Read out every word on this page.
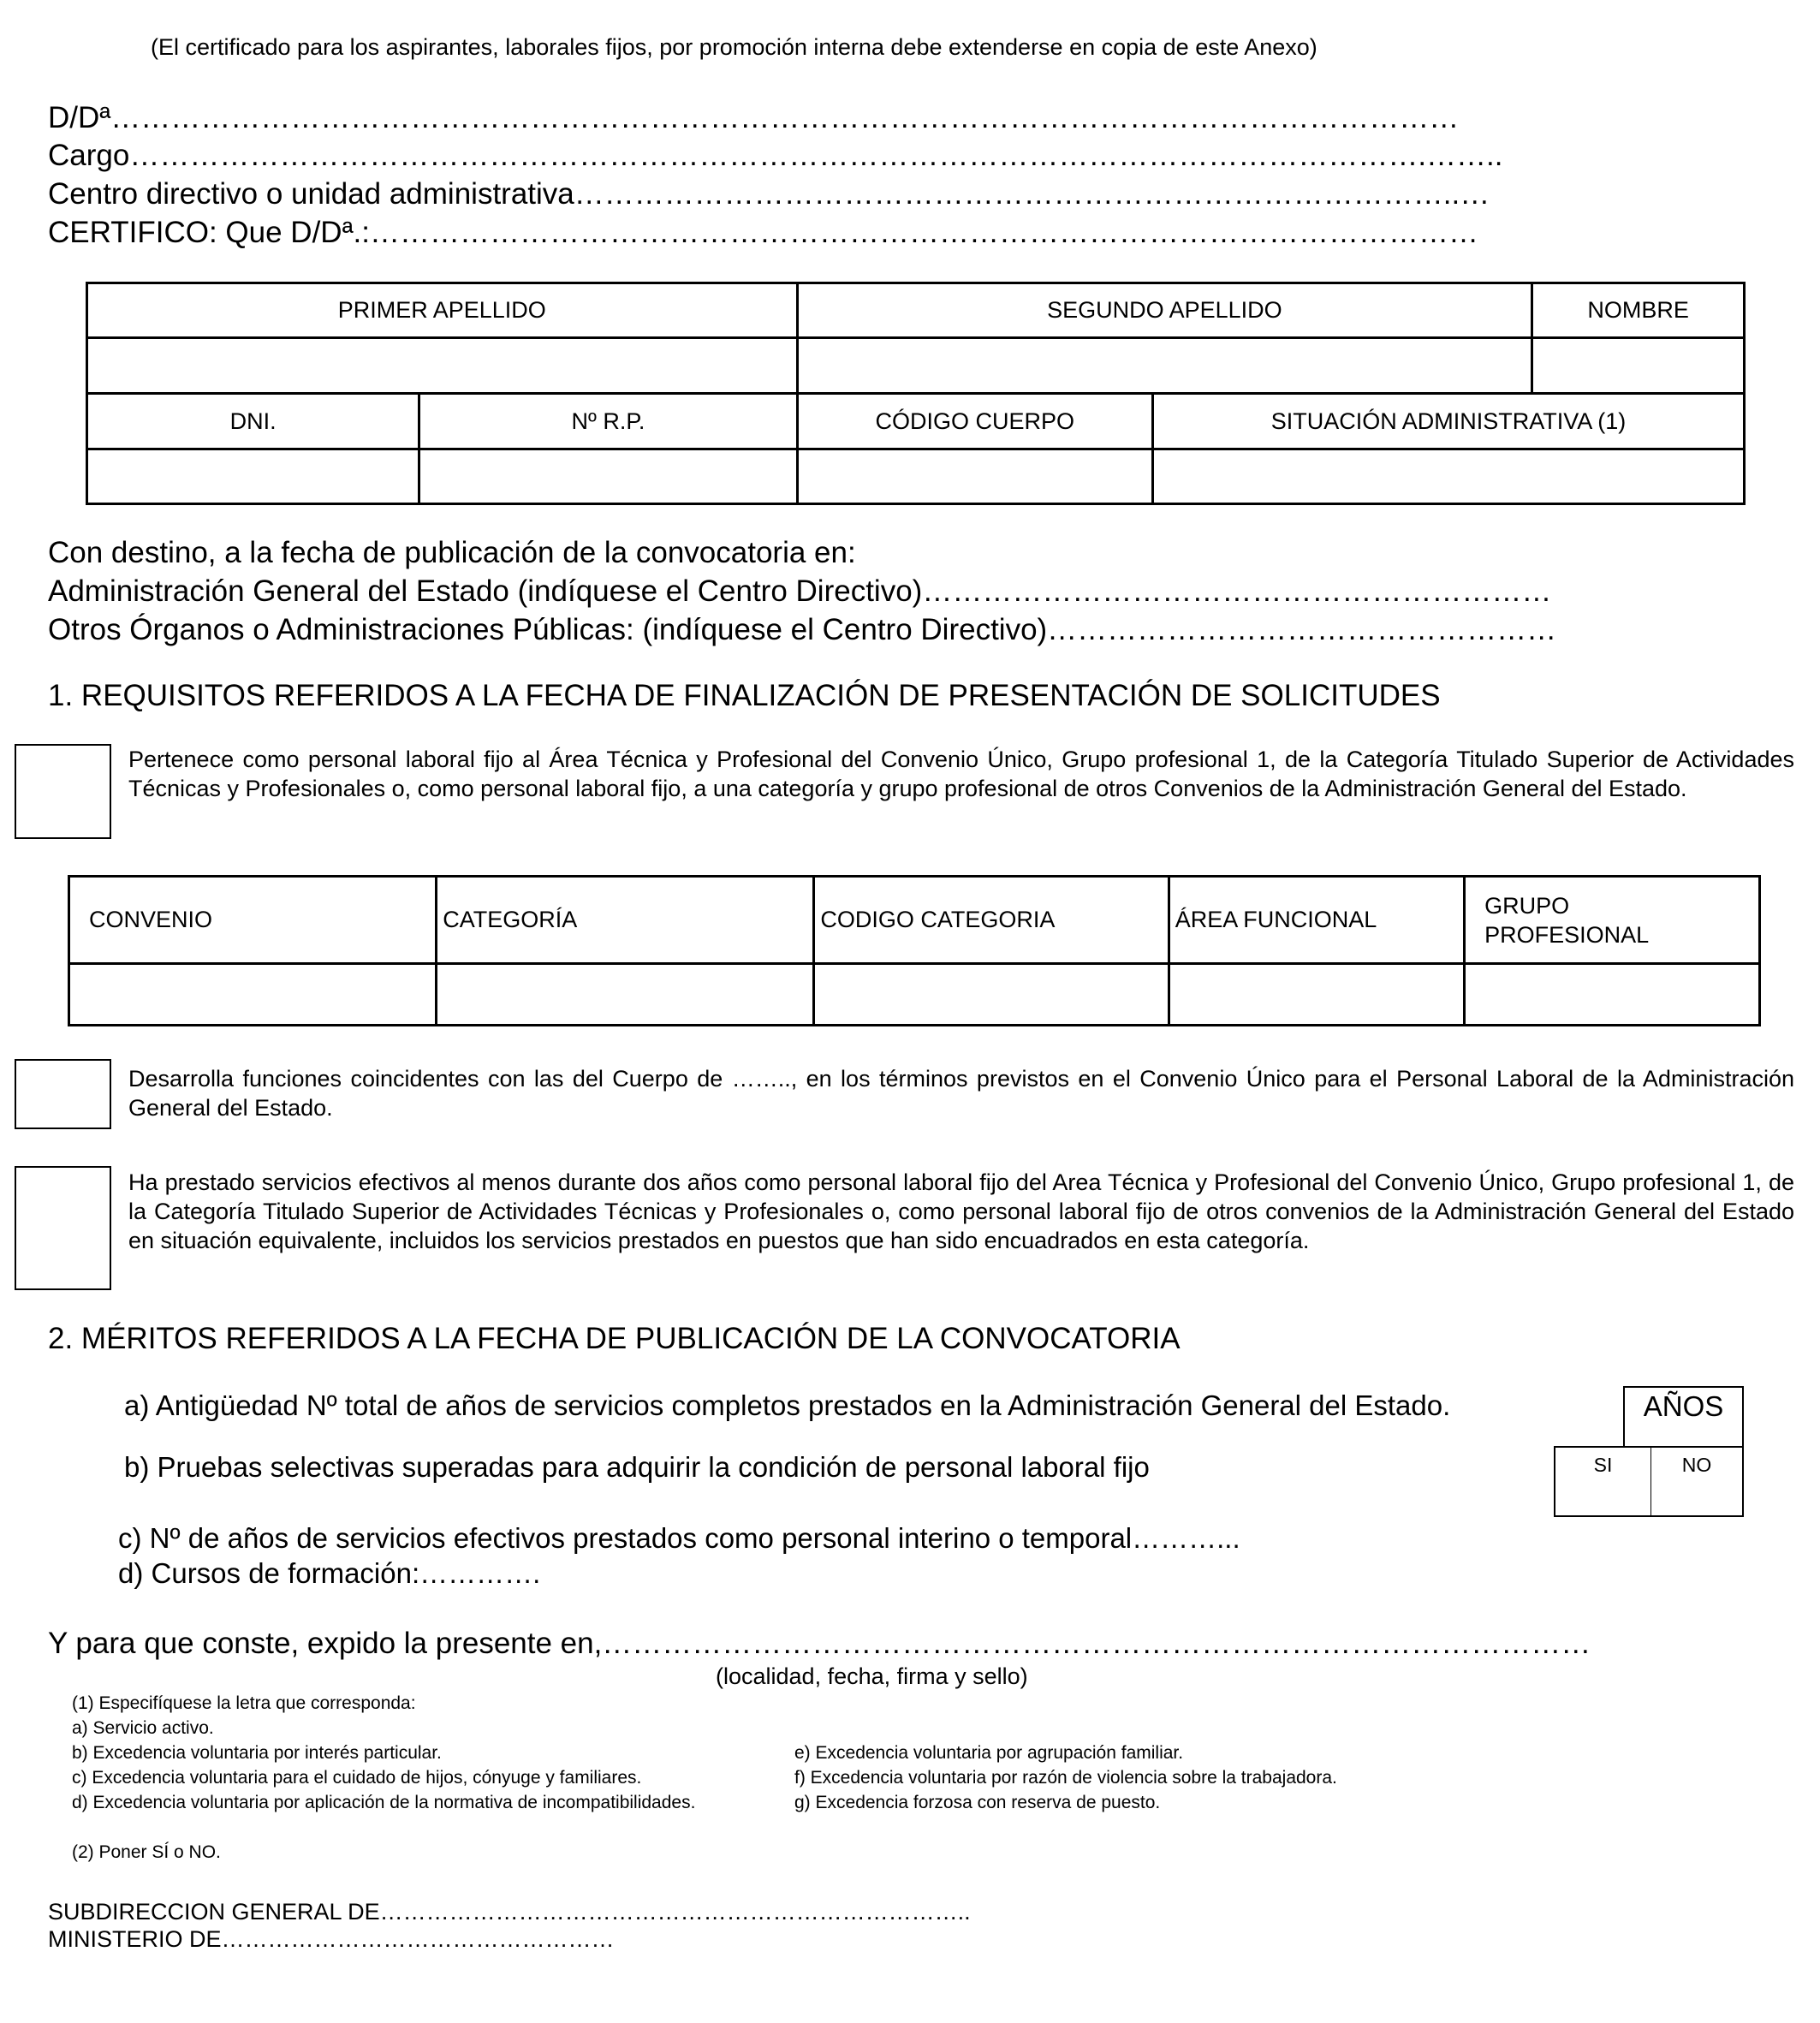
(El certificado para los aspirantes, laborales fijos, por promoción interna debe extenderse en copia de este Anexo)
D/Dª………………………………………………………………………………………………………………………
Cargo………………………………………………………………………………………………………………….……..
Centro directivo o unidad administrativa……………………………………………………………………………..…
CERTIFICO: Que D/Dª.:…………………………………………………………………………………………………
PRIMER APELLIDO		SEGUNDO APELLIDO		NOMBRE

DNI.	Nº R.P.	CÓDIGO CUERPO	SITUACIÓN ADMINISTRATIVA (1)	

Con destino, a la fecha de publicación de la convocatoria en:
Administración General del Estado (indíquese el Centro Directivo)………………………………………………………
Otros Órganos o Administraciones Públicas: (indíquese el Centro Directivo)……………………………………………
1. REQUISITOS REFERIDOS A LA FECHA DE FINALIZACIÓN DE PRESENTACIÓN DE SOLICITUDES
Pertenece como personal laboral fijo al Área Técnica y Profesional del Convenio Único, Grupo profesional 1, de la Categoría Titulado Superior de Actividades Técnicas y Profesionales o, como personal laboral fijo, a una categoría y grupo profesional de otros Convenios de la Administración General del Estado.
CONVENIO	CATEGORÍA	CODIGO CATEGORIA	ÁREA FUNCIONAL	GRUPO PROFESIONAL

Desarrolla funciones coincidentes con las del Cuerpo de …….., en los términos previstos en el Convenio Único para el Personal Laboral de la Administración General del Estado.
Ha prestado servicios efectivos al menos durante dos años como personal laboral fijo del Area Técnica y Profesional del Convenio Único, Grupo profesional 1, de la Categoría Titulado Superior de Actividades Técnicas y Profesionales o, como personal laboral fijo de otros convenios de la Administración General del Estado en situación equivalente, incluidos los servicios prestados en puestos que han sido encuadrados en esta categoría.
2. MÉRITOS REFERIDOS A LA FECHA DE PUBLICACIÓN DE LA CONVOCATORIA
a) Antigüedad Nº total de años de servicios completos prestados en la Administración General del Estado.
b) Pruebas selectivas superadas para adquirir la condición de personal laboral fijo
c) Nº de años de servicios efectivos prestados como personal interino o temporal………...
d) Cursos de formación:………….
AÑOS
SI	NO
Y para que conste, expido la presente en,………………………………………………………………………………………
(localidad, fecha, firma y sello)
(1) Especifíquese la letra que corresponda:
a) Servicio activo.
b) Excedencia voluntaria por interés particular.
c) Excedencia voluntaria para el cuidado de hijos, cónyuge y familiares.
d) Excedencia voluntaria por aplicación de la normativa de incompatibilidades.
(2) Poner SÍ o NO.
e) Excedencia voluntaria por agrupación familiar.
f) Excedencia voluntaria por razón de violencia sobre la trabajadora.
g) Excedencia forzosa con reserva de puesto.
SUBDIRECCION GENERAL DE…………………………………………………………………..
MINISTERIO DE……………………………………………
